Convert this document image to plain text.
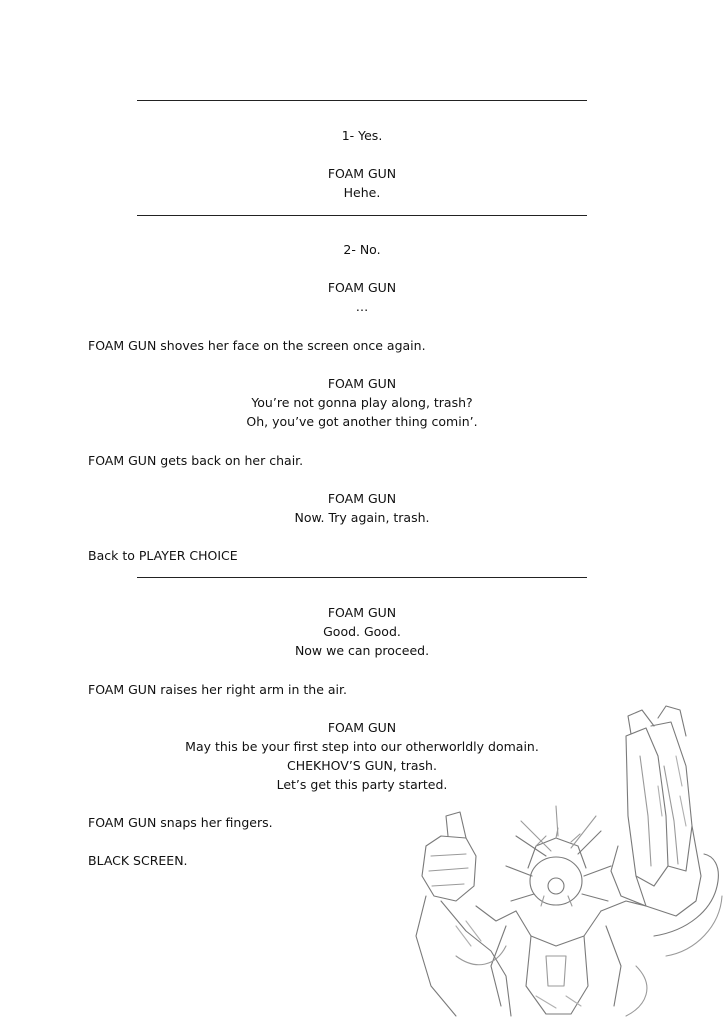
1- Yes.
FOAM GUN
Hehe.
2- No.
FOAM GUN
…
FOAM GUN shoves her face on the screen once again.
FOAM GUN
You’re not gonna play along, trash?
Oh, you’ve got another thing comin’.
FOAM GUN gets back on her chair.
FOAM GUN
Now. Try again, trash.
Back to PLAYER CHOICE
FOAM GUN
Good. Good.
Now we can proceed.
FOAM GUN raises her right arm in the air.
FOAM GUN
May this be your first step into our otherworldly domain.
CHEKHOV’S GUN, trash.
Let’s get this party started.
FOAM GUN snaps her fingers.
BLACK SCREEN.
